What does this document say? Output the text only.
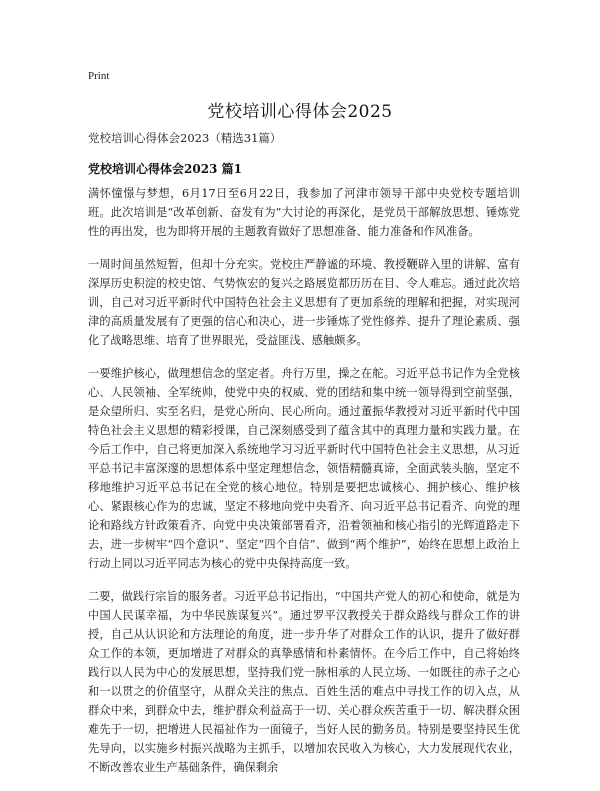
Print
党校培训心得体会2025
党校培训心得体会2023（精选31篇）
党校培训心得体会2023 篇1

满怀憧憬与梦想，6月17日至6月22日，我参加了河津市领导干部中央党校专题培训班。此次培训是“改革创新、奋发有为”大讨论的再深化，是党员干部解放思想、锤炼党性的再出发，也为即将开展的主题教育做好了思想准备、能力准备和作风准备。

一周时间虽然短暂，但却十分充实。党校庄严静谧的环境、教授鞭辟入里的讲解、富有深厚历史积淀的校史馆、气势恢宏的复兴之路展览都历历在目、令人难忘。通过此次培训，自己对习近平新时代中国特色社会主义思想有了更加系统的理解和把握，对实现河津的高质量发展有了更强的信心和决心，进一步锤炼了党性修养、提升了理论素质、强化了战略思维、培育了世界眼光，受益匪浅、感触颇多。

一要维护核心，做理想信念的坚定者。舟行万里，操之在舵。习近平总书记作为全党核心、人民领袖、全军统帅，使党中央的权威、党的团结和集中统一领导得到空前坚强，是众望所归、实至名归，是党心所向、民心所向。通过董振华教授对习近平新时代中国特色社会主义思想的精彩授课，自己深刻感受到了蕴含其中的真理力量和实践力量。在今后工作中，自己将更加深入系统地学习习近平新时代中国特色社会主义思想，从习近平总书记丰富深邃的思想体系中坚定理想信念，领悟精髓真谛，全面武装头脑，坚定不移地维护习近平总书记在全党的核心地位。特别是要把忠诚核心、拥护核心、维护核心、紧跟核心作为的忠诚，坚定不移地向党中央看齐、向习近平总书记看齐、向党的理论和路线方针政策看齐、向党中央决策部署看齐，沿着领袖和核心指引的光辉道路走下去，进一步树牢“四个意识”、坚定“四个自信”、做到“两个维护”，始终在思想上政治上行动上同以习近平同志为核心的党中央保持高度一致。

二要，做践行宗旨的服务者。习近平总书记指出，“中国共产党人的初心和使命，就是为中国人民谋幸福，为中华民族谋复兴”。通过罗平汉教授关于群众路线与群众工作的讲授，自己从认识论和方法理论的角度，进一步升华了对群众工作的认识，提升了做好群众工作的本领，更加增进了对群众的真挚感情和朴素情怀。在今后工作中，自己将始终践行以人民为中心的发展思想，坚持我们党一脉相承的人民立场、一如既往的赤子之心和一以贯之的价值坚守，从群众关注的焦点、百姓生活的难点中寻找工作的切入点，从群众中来，到群众中去，维护群众利益高于一切、关心群众疾苦重于一切、解决群众困难先于一切，把增进人民福祉作为一面镜子，当好人民的勤务员。特别是要坚持民生优先导向，以实施乡村振兴战略为主抓手，以增加农民收入为核心，大力发展现代农业，不断改善农业生产基础条件，确保剩余
